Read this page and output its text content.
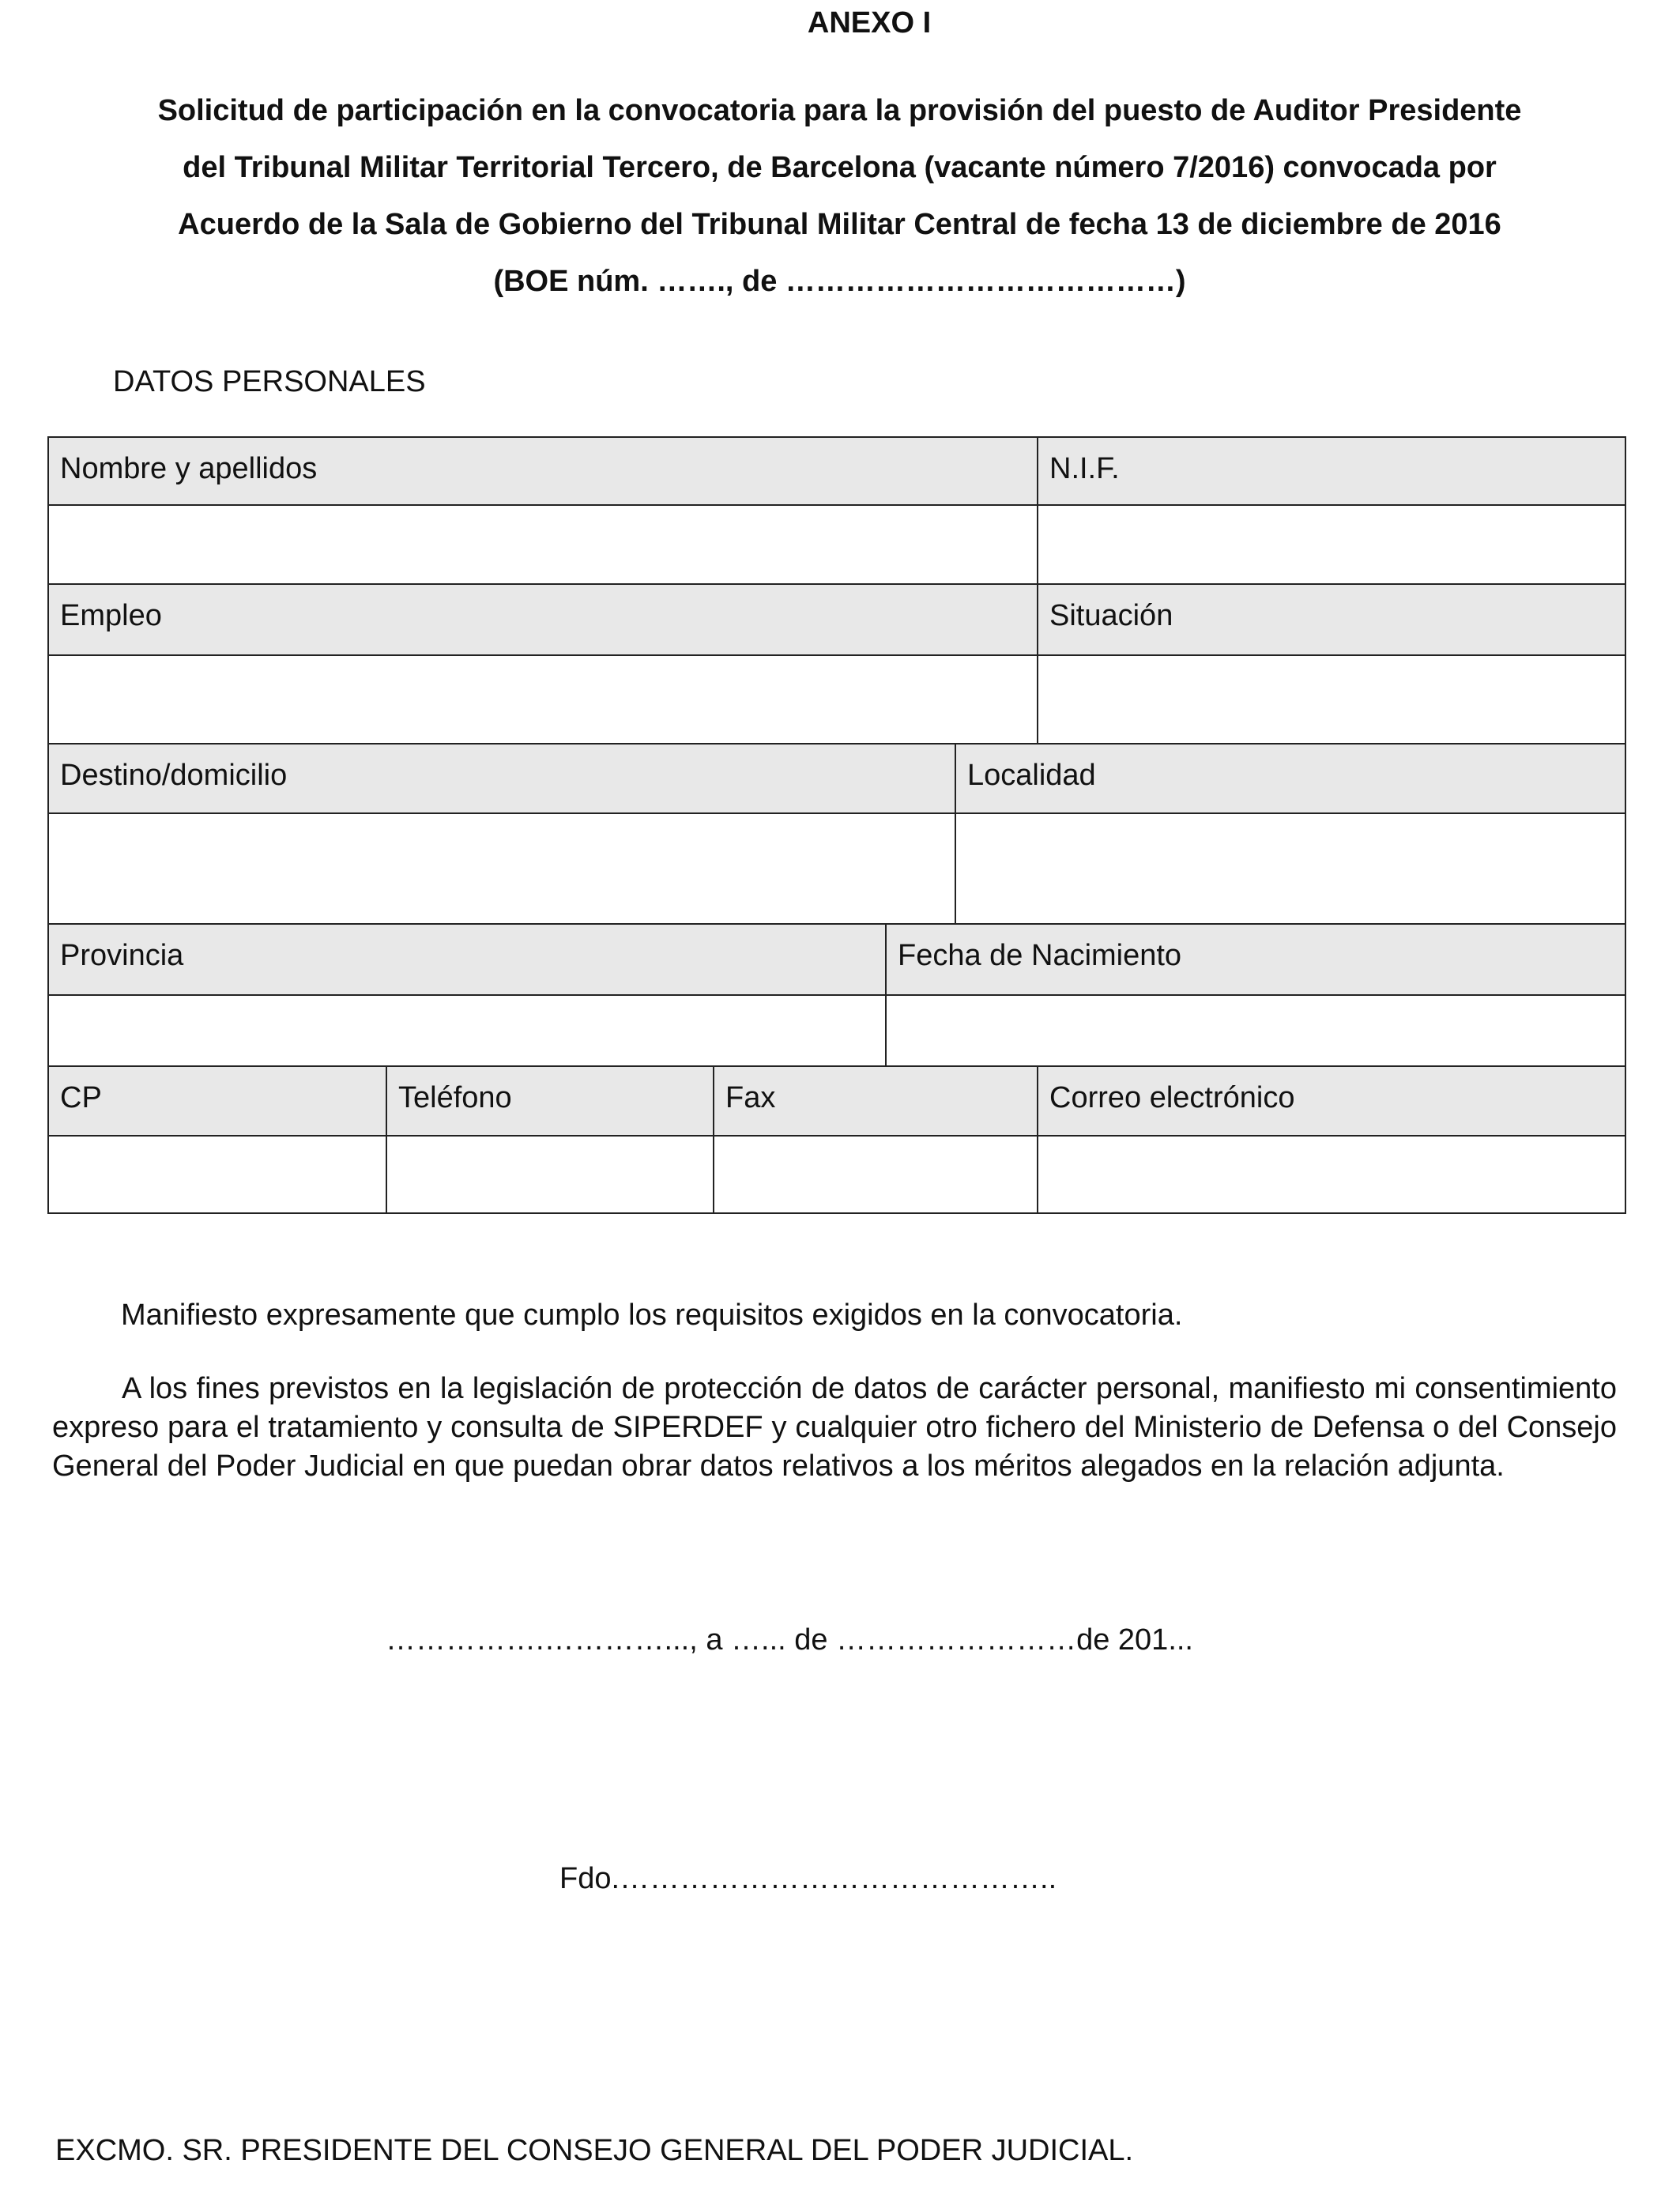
ANEXO I
Solicitud de participación en la convocatoria para la provisión del puesto de Auditor Presidente
del Tribunal Militar Territorial Tercero, de Barcelona (vacante número 7/2016) convocada por
Acuerdo de la Sala de Gobierno del Tribunal Militar Central de fecha 13 de diciembre de 2016
(BOE núm. ……., de …………………………………)
DATOS PERSONALES
Nombre y apellidos	N.I.F.
Empleo	Situación
Destino/domicilio	Localidad
Provincia	Fecha de Nacimiento
CP	Teléfono	Fax	Correo electrónico
Manifiesto expresamente que cumplo los requisitos exigidos en la convocatoria.
A los fines previstos en la legislación de protección de datos de carácter personal, manifiesto mi consentimiento expreso para el tratamiento y consulta de SIPERDEF y cualquier otro fichero del Ministerio de Defensa o del Consejo General del Poder Judicial en que puedan obrar datos relativos a los méritos alegados en la relación adjunta.
…………….…………..., a …... de ……………………de 201...
Fdo.……………………………………..
EXCMO. SR. PRESIDENTE DEL CONSEJO GENERAL DEL PODER JUDICIAL.
